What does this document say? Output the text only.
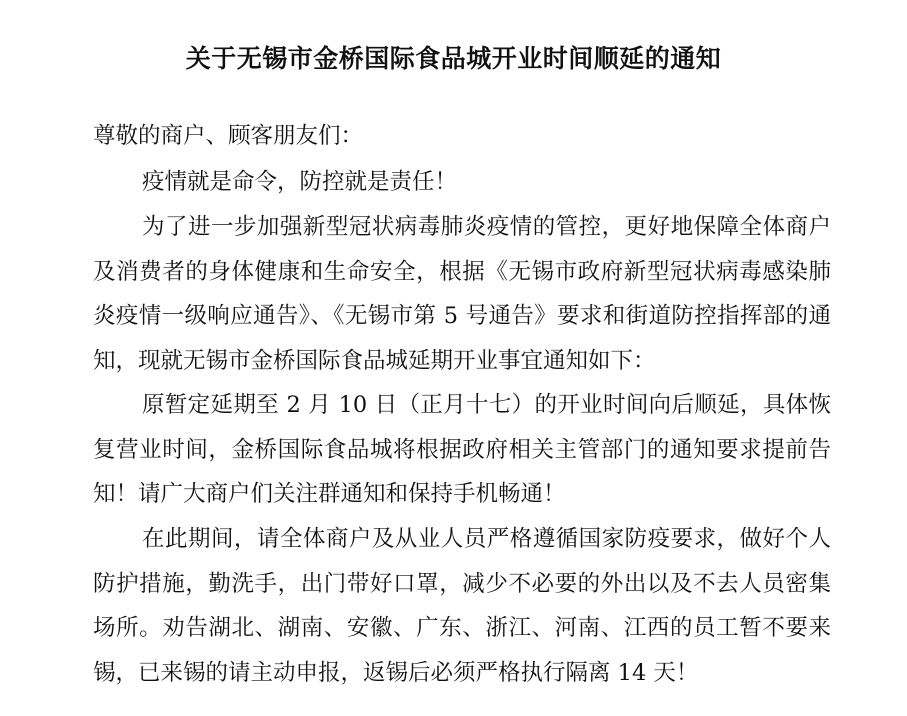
关于无锡市金桥国际食品城开业时间顺延的通知

尊敬的商户、顾客朋友们：

疫情就是命令，防控就是责任！

为了进一步加强新型冠状病毒肺炎疫情的管控，更好地保障全体商户及消费者的身体健康和生命安全，根据《无锡市政府新型冠状病毒感染肺炎疫情一级响应通告》、《无锡市第 5 号通告》要求和街道防控指挥部的通知，现就无锡市金桥国际食品城延期开业事宜通知如下：

原暂定延期至 2 月 10 日（正月十七）的开业时间向后顺延，具体恢复营业时间，金桥国际食品城将根据政府相关主管部门的通知要求提前告知！请广大商户们关注群通知和保持手机畅通！

在此期间，请全体商户及从业人员严格遵循国家防疫要求，做好个人防护措施，勤洗手，出门带好口罩，减少不必要的外出以及不去人员密集场所。劝告湖北、湖南、安徽、广东、浙江、河南、江西的员工暂不要来锡，已来锡的请主动申报，返锡后必须严格执行隔离 14 天！
